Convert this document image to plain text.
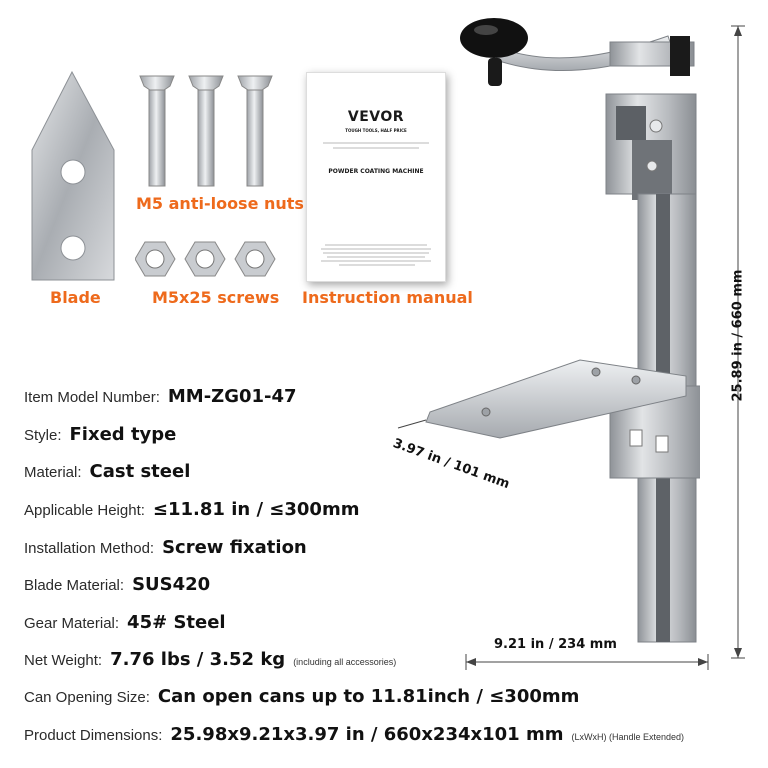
M5 anti-loose nuts
Blade	M5x25 screws Instruction manual
VEVOR
TOUGH TOOLS, HALF PRICE
POWDER COATING MACHINE
25.89 in / 660 mm
3.97 in / 101 mm
9.21 in / 234 mm
Item Model Number: MM-ZG01-47
Style: Fixed type
Material: Cast steel
Applicable Height: ≤11.81 in / ≤300mm
Installation Method: Screw fixation
Blade Material: SUS420
Gear Material: 45# Steel
Net Weight: 7.76 lbs / 3.52 kg (including all accessories)
Can Opening Size: Can open cans up to 11.81inch / ≤300mm
Product Dimensions: 25.98x9.21x3.97 in / 660x234x101 mm (LxWxH) (Handle Extended)
